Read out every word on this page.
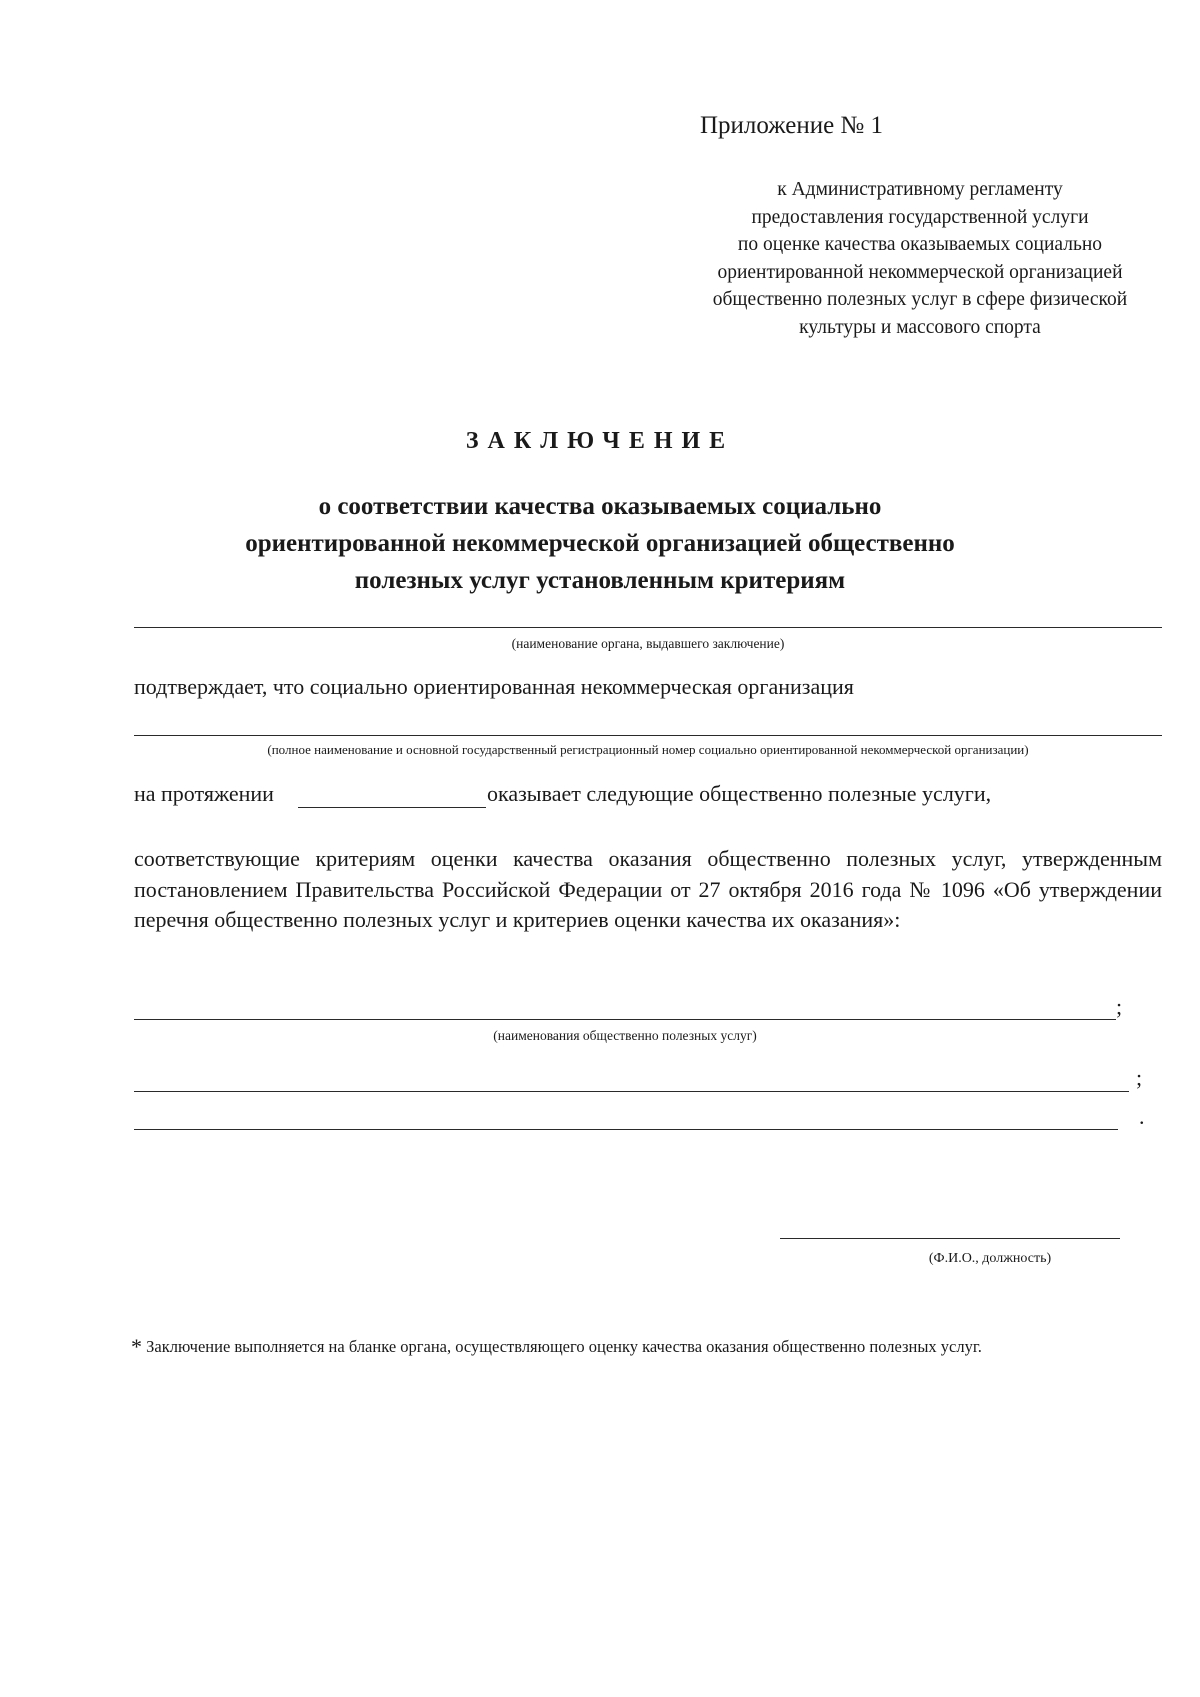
Приложение № 1
к Административному регламенту
предоставления государственной услуги
по оценке качества оказываемых социально
ориентированной некоммерческой организацией
общественно полезных услуг в сфере физической
культуры и массового спорта
ЗАКЛЮЧЕНИЕ
о соответствии качества оказываемых социально
ориентированной некоммерческой организацией общественно
полезных услуг установленным критериям
(наименование органа, выдавшего заключение)
подтверждает, что социально ориентированная некоммерческая организация
(полное наименование и основной государственный регистрационный номер социально ориентированной некоммерческой организации)
на протяжении	оказывает следующие общественно полезные услуги,
соответствующие критериям оценки качества оказания общественно полезных услуг, утвержденным постановлением Правительства Российской Федерации от 27 октября 2016 года № 1096 «Об утверждении перечня общественно полезных услуг и критериев оценки качества их оказания»:
;
(наименования общественно полезных услуг)
;
.
(Ф.И.О., должность)
* Заключение выполняется на бланке органа, осуществляющего оценку качества оказания общественно полезных услуг.
